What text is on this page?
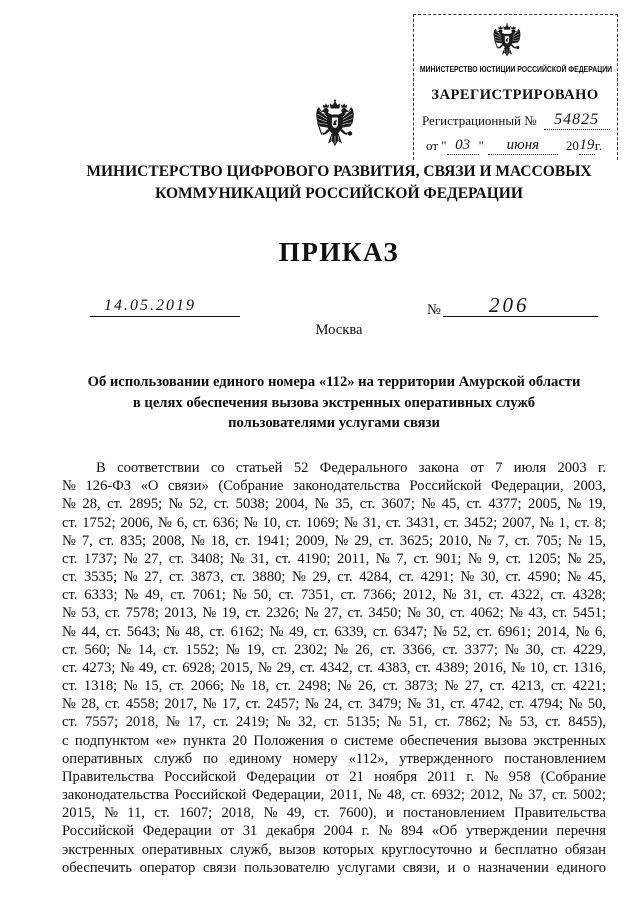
МИНИСТЕРСТВО ЮСТИЦИИ РОССИЙСКОЙ ФЕДЕРАЦИИ
ЗАРЕГИСТРИРОВАНО
Регистрационный №	54825
от " 03 "	июня	20 19 г.
МИНИСТЕРСТВО ЦИФРОВОГО РАЗВИТИЯ, СВЯЗИ И МАССОВЫХ
КОММУНИКАЦИЙ РОССИЙСКОЙ ФЕДЕРАЦИИ
ПРИКАЗ
14.05.2019	№	206
Москва
Об использовании единого номера «112» на территории Амурской области
в целях обеспечения вызова экстренных оперативных служб
пользователями услугами связи
В соответствии со статьей 52 Федерального закона от 7 июля 2003 г.
№ 126-ФЗ «О связи» (Собрание законодательства Российской Федерации, 2003,
№ 28, ст. 2895; № 52, ст. 5038; 2004, № 35, ст. 3607; № 45, ст. 4377; 2005, № 19,
ст. 1752; 2006, № 6, ст. 636; № 10, ст. 1069; № 31, ст. 3431, ст. 3452; 2007, № 1, ст. 8;
№ 7, ст. 835; 2008, № 18, ст. 1941; 2009, № 29, ст. 3625; 2010, № 7, ст. 705; № 15,
ст. 1737; № 27, ст. 3408; № 31, ст. 4190; 2011, № 7, ст. 901; № 9, ст. 1205; № 25,
ст. 3535; № 27, ст. 3873, ст. 3880; № 29, ст. 4284, ст. 4291; № 30, ст. 4590; № 45,
ст. 6333; № 49, ст. 7061; № 50, ст. 7351, ст. 7366; 2012, № 31, ст. 4322, ст. 4328;
№ 53, ст. 7578; 2013, № 19, ст. 2326; № 27, ст. 3450; № 30, ст. 4062; № 43, ст. 5451;
№ 44, ст. 5643; № 48, ст. 6162; № 49, ст. 6339, ст. 6347; № 52, ст. 6961; 2014, № 6,
ст. 560; № 14, ст. 1552; № 19, ст. 2302; № 26, ст. 3366, ст. 3377; № 30, ст. 4229,
ст. 4273; № 49, ст. 6928; 2015, № 29, ст. 4342, ст. 4383, ст. 4389; 2016, № 10, ст. 1316,
ст. 1318; № 15, ст. 2066; № 18, ст. 2498; № 26, ст. 3873; № 27, ст. 4213, ст. 4221;
№ 28, ст. 4558; 2017, № 17, ст. 2457; № 24, ст. 3479; № 31, ст. 4742, ст. 4794; № 50,
ст. 7557; 2018, № 17, ст. 2419; № 32, ст. 5135; № 51, ст. 7862; № 53, ст. 8455),
с подпунктом «е» пункта 20 Положения о системе обеспечения вызова экстренных
оперативных служб по единому номеру «112», утвержденного постановлением
Правительства Российской Федерации от 21 ноября 2011 г. № 958 (Собрание
законодательства Российской Федерации, 2011, № 48, ст. 6932; 2012, № 37, ст. 5002;
2015, № 11, ст. 1607; 2018, № 49, ст. 7600), и постановлением Правительства
Российской Федерации от 31 декабря 2004 г. № 894 «Об утверждении перечня
экстренных оперативных служб, вызов которых круглосуточно и бесплатно обязан
обеспечить оператор связи пользователю услугами связи, и о назначении единого
